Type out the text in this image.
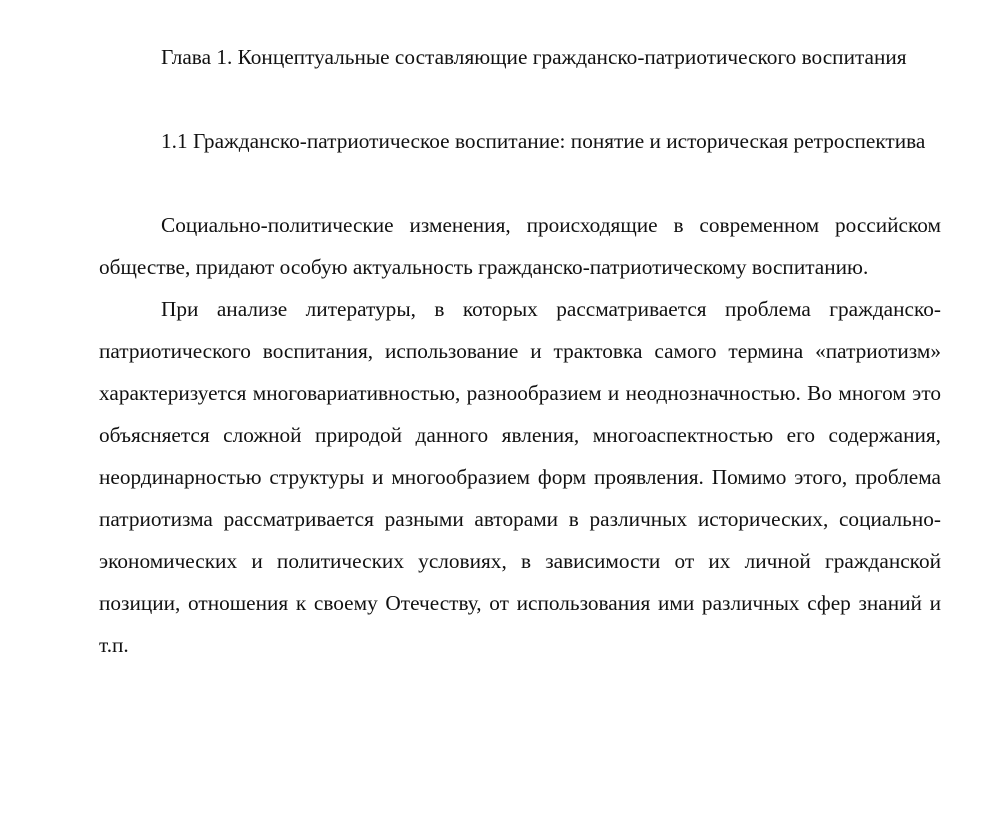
Глава 1. Концептуальные составляющие гражданско-патриотического воспитания

1.1 Гражданско-патриотическое воспитание: понятие и историческая ретроспектива

Социально-политические изменения, происходящие в современном российском обществе, придают особую актуальность гражданско-патриотическому воспитанию.

При анализе литературы, в которых рассматривается проблема гражданско-патриотического воспитания, использование и трактовка самого термина «патриотизм» характеризуется многовариативностью, разнообразием и неоднозначностью. Во многом это объясняется сложной природой данного явления, многоаспектностью его содержания, неординарностью структуры и многообразием форм проявления. Помимо этого, проблема патриотизма рассматривается разными авторами в различных исторических, социально-экономических и политических условиях, в зависимости от их личной гражданской позиции, отношения к своему Отечеству, от использования ими различных сфер знаний и т.п.
